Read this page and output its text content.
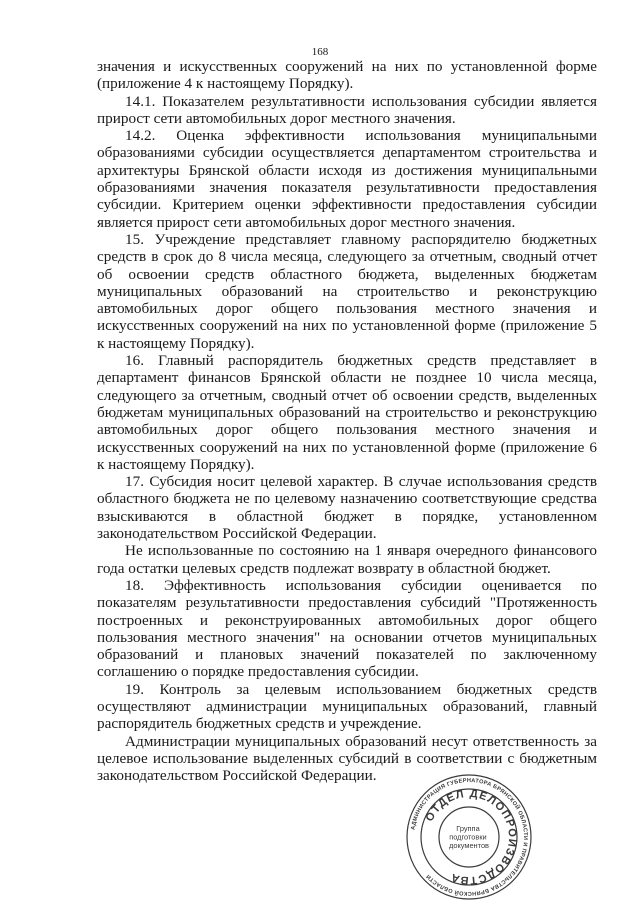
168

значения и искусственных сооружений на них по установленной форме (приложение 4 к настоящему Порядку).

14.1. Показателем результативности использования субсидии является прирост сети автомобильных дорог местного значения.

14.2. Оценка эффективности использования муниципальными образованиями субсидии осуществляется департаментом строительства и архитектуры Брянской области исходя из достижения муниципальными образованиями значения показателя результативности предоставления субсидии. Критерием оценки эффективности предоставления субсидии является прирост сети автомобильных дорог местного значения.

15. Учреждение представляет главному распорядителю бюджетных средств в срок до 8 числа месяца, следующего за отчетным, сводный отчет об освоении средств областного бюджета, выделенных бюджетам муниципальных образований на строительство и реконструкцию автомобильных дорог общего пользования местного значения и искусственных сооружений на них по установленной форме (приложение 5 к настоящему Порядку).

16. Главный распорядитель бюджетных средств представляет в департамент финансов Брянской области не позднее 10 числа месяца, следующего за отчетным, сводный отчет об освоении средств, выделенных бюджетам муниципальных образований на строительство и реконструкцию автомобильных дорог общего пользования местного значения и искусственных сооружений на них по установленной форме (приложение 6 к настоящему Порядку).

17. Субсидия носит целевой характер. В случае использования средств областного бюджета не по целевому назначению соответствующие средства взыскиваются в областной бюджет в порядке, установленном законодательством Российской Федерации.

Не использованные по состоянию на 1 января очередного финансового года остатки целевых средств подлежат возврату в областной бюджет.

18. Эффективность использования субсидии оценивается по показателям результативности предоставления субсидий "Протяженность построенных и реконструированных автомобильных дорог общего пользования местного значения" на основании отчетов муниципальных образований и плановых значений показателей по заключенному соглашению о порядке предоставления субсидии.

19. Контроль за целевым использованием бюджетных средств осуществляют администрации муниципальных образований, главный распорядитель бюджетных средств и учреждение.

Администрации муниципальных образований несут ответственность за целевое использование выделенных субсидий в соответствии с бюджетным законодательством Российской Федерации.

АДМИНИСТРАЦИЯ ГУБЕРНАТОРА БРЯНСКОЙ ОБЛАСТИ И ПРАВИТЕЛЬСТВА БРЯНСКОЙ ОБЛАСТИ
ОТДЕЛ ДЕЛОПРОИЗВОДСТВА
Группа подготовки документов
